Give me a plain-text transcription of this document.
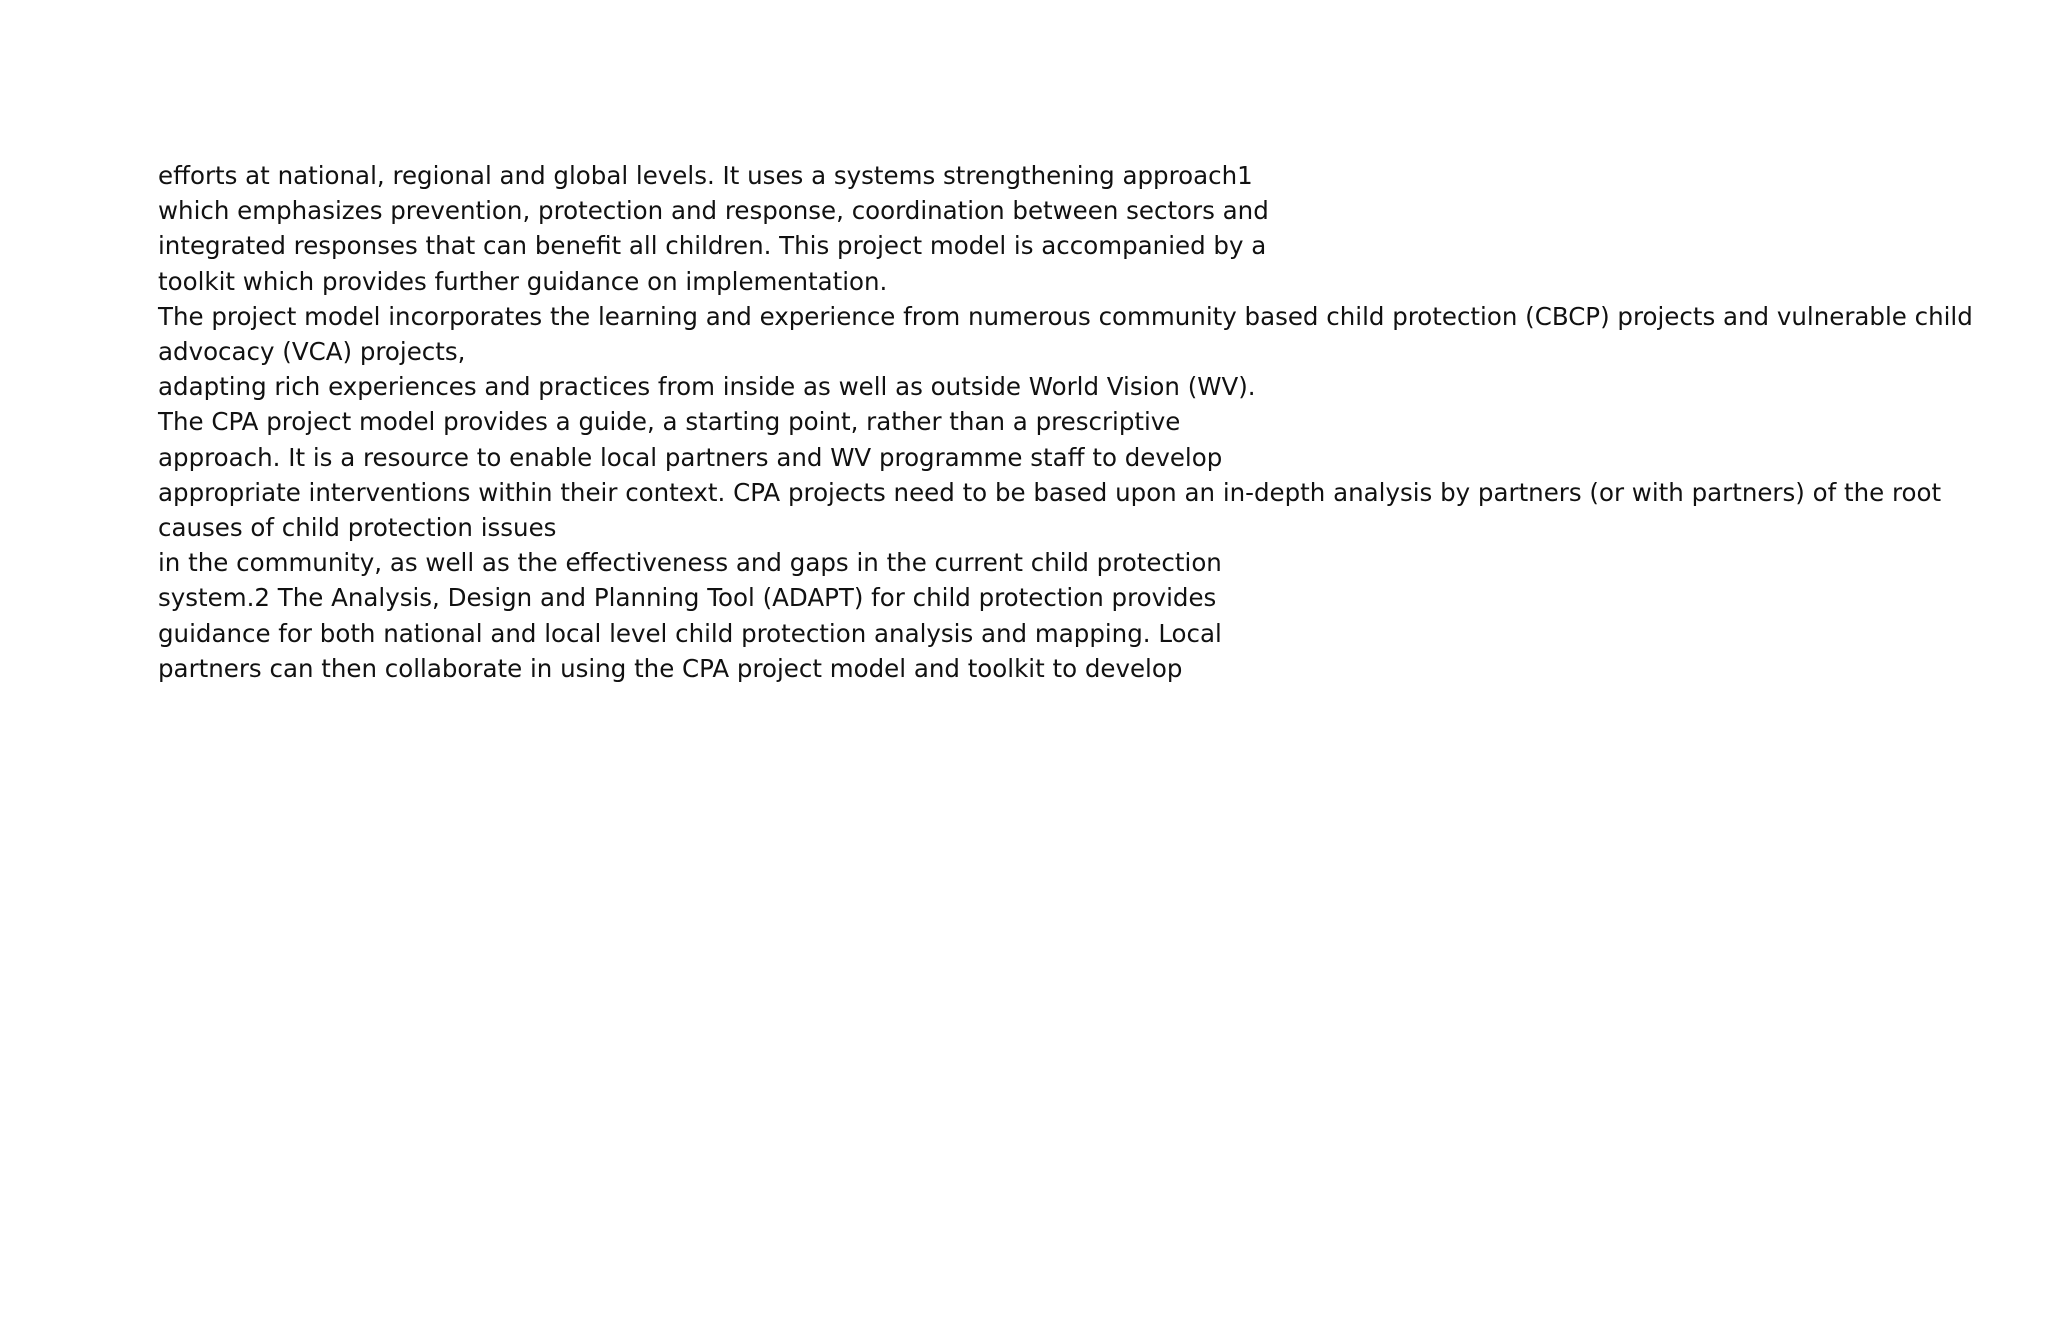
efforts at national, regional and global levels. It uses a systems strengthening approach1
which emphasizes prevention, protection and response, coordination between sectors and
integrated responses that can benefit all children. This project model is accompanied by a
toolkit which provides further guidance on implementation.
The project model incorporates the learning and experience from numerous community based child protection (CBCP) projects and vulnerable child
advocacy (VCA) projects,
adapting rich experiences and practices from inside as well as outside World Vision (WV).
The CPA project model provides a guide, a starting point, rather than a prescriptive
approach. It is a resource to enable local partners and WV programme staff to develop
appropriate interventions within their context. CPA projects need to be based upon an in-depth analysis by partners (or with partners) of the root
causes of child protection issues
in the community, as well as the effectiveness and gaps in the current child protection
system.2 The Analysis, Design and Planning Tool (ADAPT) for child protection provides
guidance for both national and local level child protection analysis and mapping. Local
partners can then collaborate in using the CPA project model and toolkit to develop
